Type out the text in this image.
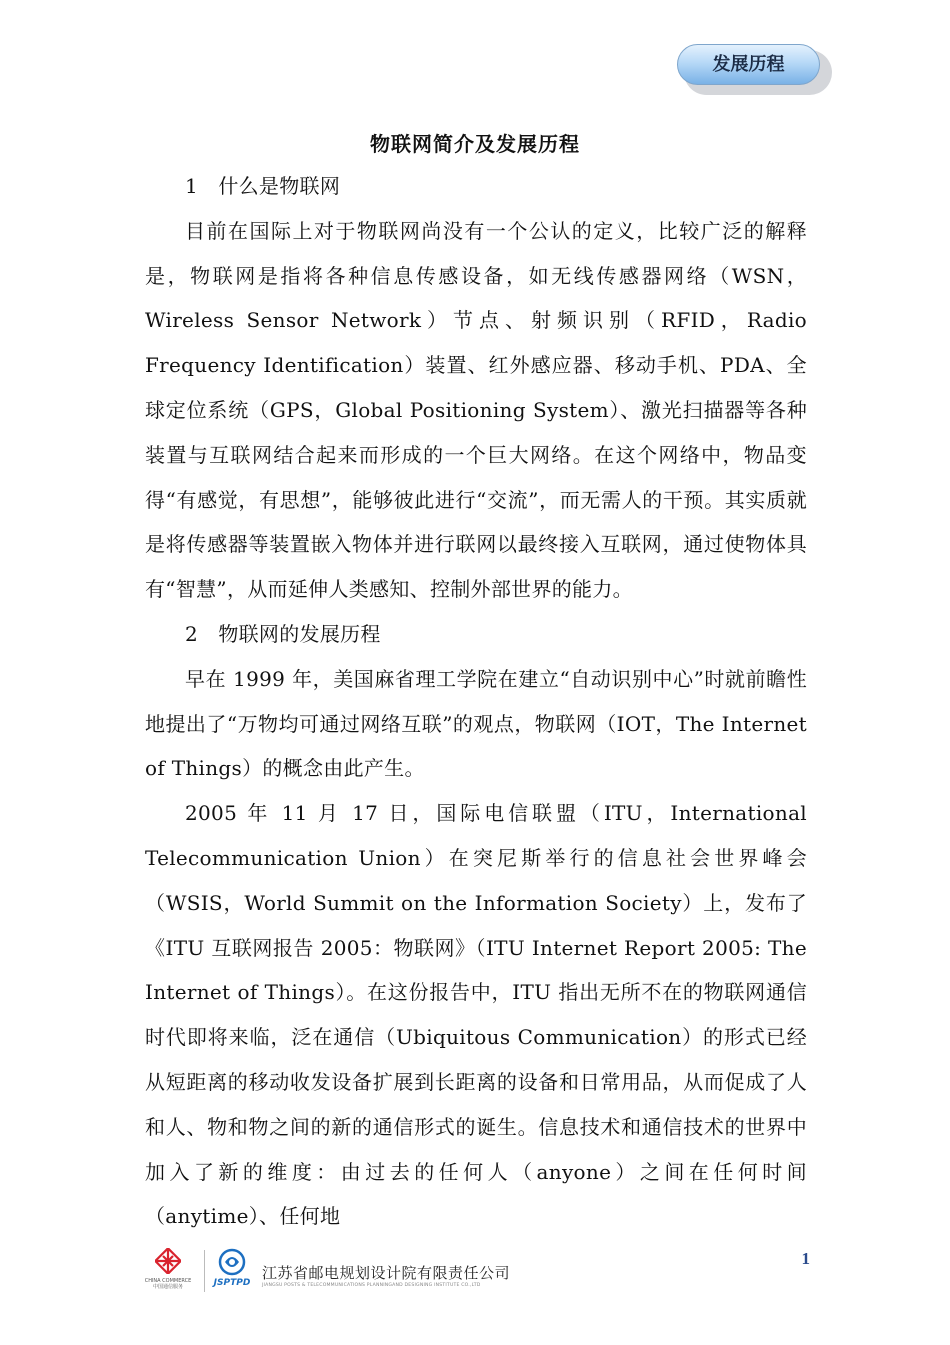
发展历程
物联网简介及发展历程

1　什么是物联网

目前在国际上对于物联网尚没有一个公认的定义，比较广泛的解释是，物联网是指将各种信息传感设备，如无线传感器网络（WSN，Wireless Sensor Network）节点、射频识别（RFID，Radio Frequency Identification）装置、红外感应器、移动手机、PDA、全球定位系统（GPS，Global Positioning System）、激光扫描器等各种装置与互联网结合起来而形成的一个巨大网络。在这个网络中，物品变得“有感觉，有思想”，能够彼此进行“交流”，而无需人的干预。其实质就是将传感器等装置嵌入物体并进行联网以最终接入互联网，通过使物体具有“智慧”，从而延伸人类感知、控制外部世界的能力。

2　物联网的发展历程

早在 1999 年，美国麻省理工学院在建立“自动识别中心”时就前瞻性地提出了“万物均可通过网络互联”的观点，物联网（IOT，The Internet of Things）的概念由此产生。

2005 年 11 月 17 日，国际电信联盟（ITU，International Telecommunication Union）在突尼斯举行的信息社会世界峰会（WSIS，World Summit on the Information Society）上，发布了《ITU 互联网报告 2005：物联网》（ITU Internet Report 2005: The Internet of Things）。在这份报告中，ITU 指出无所不在的物联网通信时代即将来临，泛在通信（Ubiquitous Communication）的形式已经从短距离的移动收发设备扩展到长距离的设备和日常用品，从而促成了人和人、物和物之间的新的通信形式的诞生。信息技术和通信技术的世界中加入了新的维度：由过去的任何人（anyone）之间在任何时间（anytime）、任何地

CHINA COMMERCE 中国通信服务	JSPTPD
江苏省邮电规划设计院有限责任公司
JIANGSU POSTS & TELECOMMUNICATIONS PLANNINGAND DESIGNING INSTITUTE CO.,LTD
1
